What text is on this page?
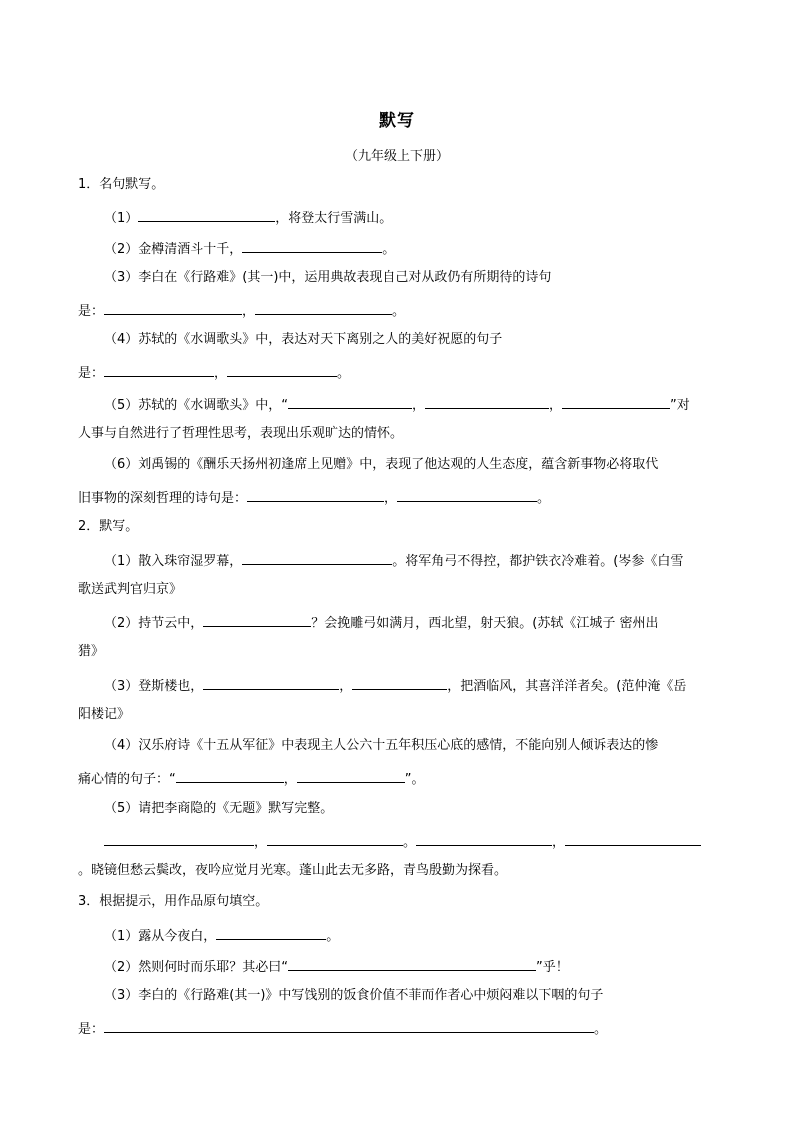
默写
（九年级上下册）
1．名句默写。
（1）	，将登太行雪满山。
（2）金樽清酒斗十千，	。
（3）李白在《行路难》(其一)中，运用典故表现自己对从政仍有所期待的诗句
是：	，	。
（4）苏轼的《水调歌头》中，表达对天下离别之人的美好祝愿的句子
是：	，	。
（5）苏轼的《水调歌头》中，“	，	，	”对
人事与自然进行了哲理性思考，表现出乐观旷达的情怀。
（6）刘禹锡的《酬乐天扬州初逢席上见赠》中，表现了他达观的人生态度，蕴含新事物必将取代
旧事物的深刻哲理的诗句是：	，	。
2．默写。
（1）散入珠帘湿罗幕，	。将军角弓不得控，都护铁衣冷难着。(岑参《白雪
歌送武判官归京》
（2）持节云中，	？会挽雕弓如满月，西北望，射天狼。(苏轼《江城子 密州出
猎》
（3）登斯楼也，	，	，把酒临风，其喜洋洋者矣。(范仲淹《岳
阳楼记》
（4）汉乐府诗《十五从军征》中表现主人公六十五年积压心底的感情，不能向别人倾诉表达的惨
痛心情的句子：“	，	”。
（5）请把李商隐的《无题》默写完整。
，	。	，
。晓镜但愁云鬓改，夜吟应觉月光寒。蓬山此去无多路，青鸟殷勤为探看。
3．根据提示，用作品原句填空。
（1）露从今夜白，	。
（2）然则何时而乐耶？其必曰“	”乎！
（3）李白的《行路难(其一)》中写饯别的饭食价值不菲而作者心中烦闷难以下咽的句子
是：	。
